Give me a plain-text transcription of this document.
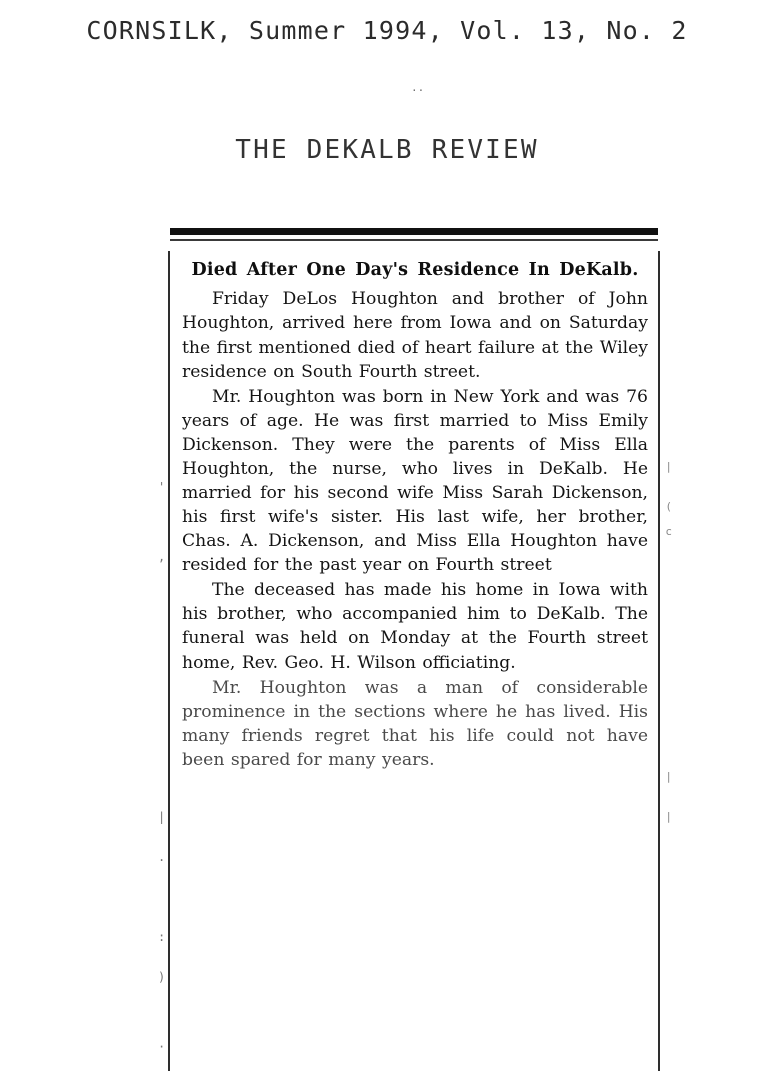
CORNSILK, Summer 1994, Vol. 13, No. 2
··
THE DEKALB REVIEW
'
,
|
.
:
)
·
|
(
c
|
|
Died After One Day's Residence In DeKalb.

Friday DeLos Houghton and brother of John Houghton, arrived here from Iowa and on Saturday the first mentioned died of heart failure at the Wiley residence on South Fourth street.

Mr. Houghton was born in New York and was 76 years of age. He was first married to Miss Emily Dickenson. They were the parents of Miss Ella Houghton, the nurse, who lives in DeKalb. He married for his second wife Miss Sarah Dickenson, his first wife's sister. His last wife, her brother, Chas. A. Dickenson, and Miss Ella Houghton have resided for the past year on Fourth street

The deceased has made his home in Iowa with his brother, who accompanied him to DeKalb. The funeral was held on Monday at the Fourth street home, Rev. Geo. H. Wilson officiating.

Mr. Houghton was a man of considerable prominence in the sections where he has lived. His many friends regret that his life could not have been spared for many years.
